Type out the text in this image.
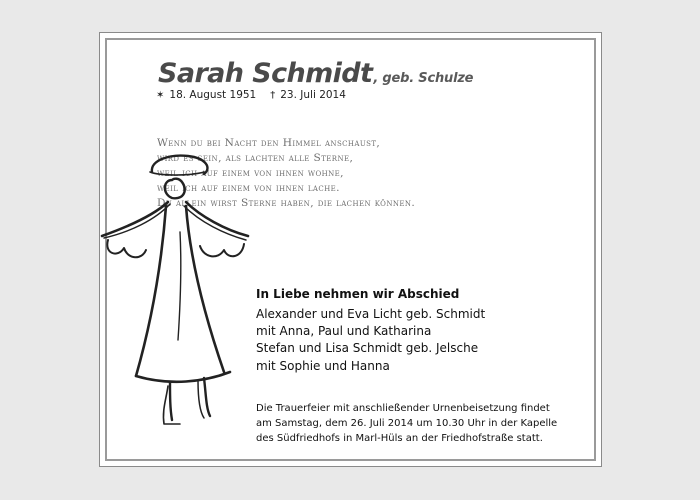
Sarah Schmidt, geb. Schulze
✶ 18. August 1951 † 23. Juli 2014
Wenn du bei Nacht den Himmel anschaust,
wird es sein, als lachten alle Sterne,
weil ich auf einem von ihnen wohne,
weil ich auf einem von ihnen lache.
Du allein wirst Sterne haben, die lachen können.
In Liebe nehmen wir Abschied
Alexander und Eva Licht geb. Schmidt
mit Anna, Paul und Katharina
Stefan und Lisa Schmidt geb. Jelsche
mit Sophie und Hanna
Die Trauerfeier mit anschließender Urnenbeisetzung findet
am Samstag, dem 26. Juli 2014 um 10.30 Uhr in der Kapelle
des Südfriedhofs in Marl-Hüls an der Friedhofstraße statt.
